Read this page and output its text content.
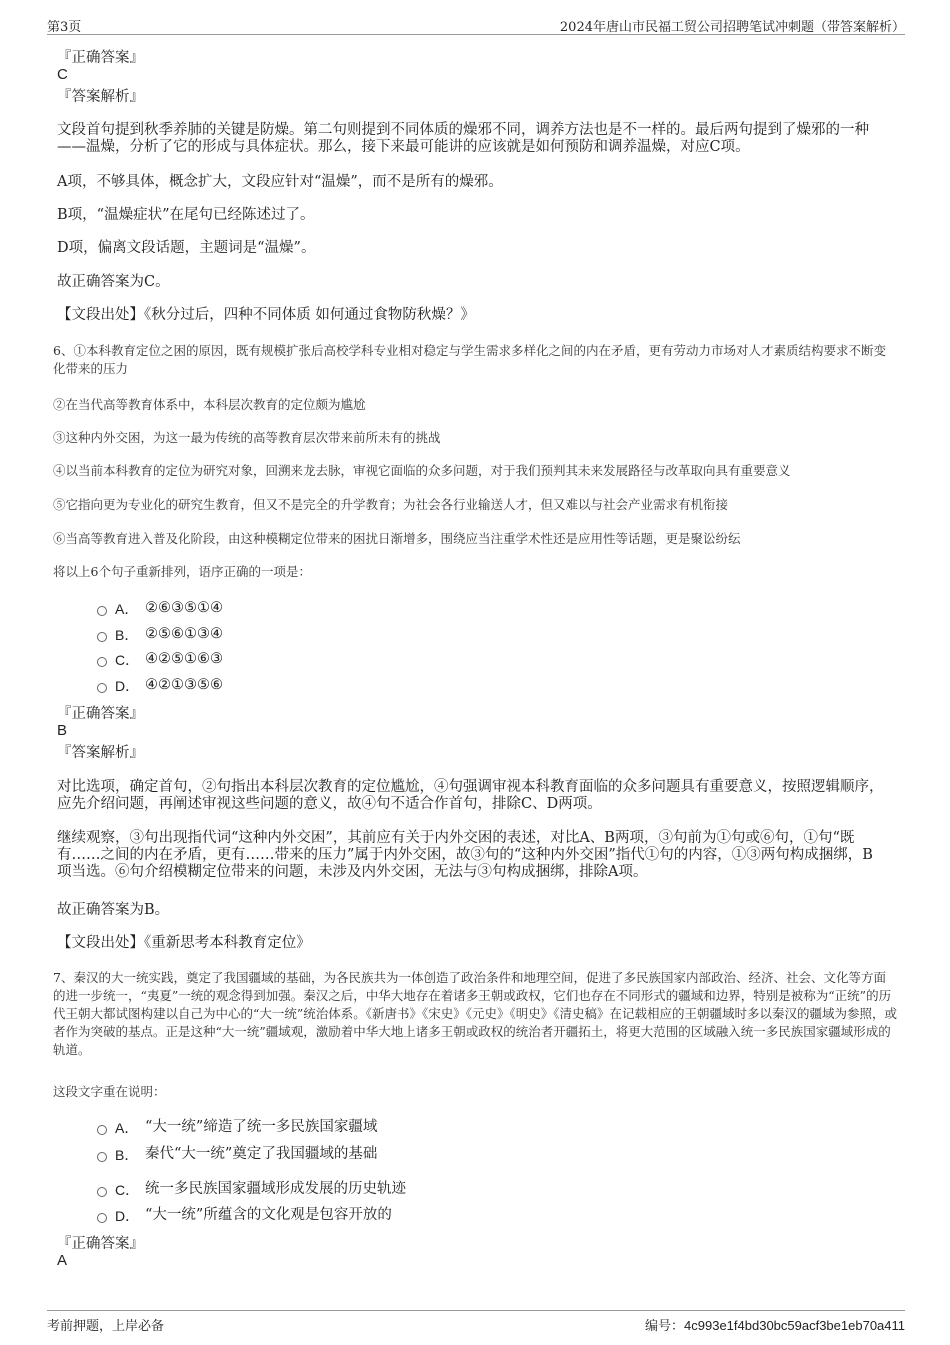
第3页	2024年唐山市民福工贸公司招聘笔试冲刺题（带答案解析）
『正确答案』
C
『答案解析』
文段首句提到秋季养肺的关键是防燥。第二句则提到不同体质的燥邪不同，调养方法也是不一样的。最后两句提到了燥邪的一种——温燥，分析了它的形成与具体症状。那么，接下来最可能讲的应该就是如何预防和调养温燥，对应C项。
A项，不够具体，概念扩大，文段应针对“温燥”，而不是所有的燥邪。
B项，“温燥症状”在尾句已经陈述过了。
D项，偏离文段话题，主题词是“温燥”。
故正确答案为C。
【文段出处】《秋分过后，四种不同体质 如何通过食物防秋燥？》
6、①本科教育定位之困的原因，既有规模扩张后高校学科专业相对稳定与学生需求多样化之间的内在矛盾，更有劳动力市场对人才素质结构要求不断变化带来的压力
②在当代高等教育体系中，本科层次教育的定位颇为尴尬
③这种内外交困，为这一最为传统的高等教育层次带来前所未有的挑战
④以当前本科教育的定位为研究对象，回溯来龙去脉，审视它面临的众多问题，对于我们预判其未来发展路径与改革取向具有重要意义
⑤它指向更为专业化的研究生教育，但又不是完全的升学教育；为社会各行业输送人才，但又难以与社会产业需求有机衔接
⑥当高等教育进入普及化阶段，由这种模糊定位带来的困扰日渐增多，围绕应当注重学术性还是应用性等话题，更是聚讼纷纭
将以上6个句子重新排列，语序正确的一项是：
A． ②⑥③⑤①④
B． ②⑤⑥①③④
C． ④②⑤①⑥③
D． ④②①③⑤⑥
『正确答案』
B
『答案解析』
对比选项，确定首句，②句指出本科层次教育的定位尴尬，④句强调审视本科教育面临的众多问题具有重要意义，按照逻辑顺序，应先介绍问题，再阐述审视这些问题的意义，故④句不适合作首句，排除C、D两项。
继续观察，③句出现指代词“这种内外交困”，其前应有关于内外交困的表述，对比A、B两项，③句前为①句或⑥句，①句“既有……之间的内在矛盾，更有……带来的压力”属于内外交困，故③句的“这种内外交困”指代①句的内容，①③两句构成捆绑，B项当选。⑥句介绍模糊定位带来的问题，未涉及内外交困，无法与③句构成捆绑，排除A项。
故正确答案为B。
【文段出处】《重新思考本科教育定位》
7、秦汉的大一统实践，奠定了我国疆域的基础，为各民族共为一体创造了政治条件和地理空间，促进了多民族国家内部政治、经济、社会、文化等方面的进一步统一，“夷夏”一统的观念得到加强。秦汉之后，中华大地存在着诸多王朝或政权，它们也存在不同形式的疆域和边界，特别是被称为“正统”的历代王朝大都试图构建以自己为中心的“大一统”统治体系。《新唐书》《宋史》《元史》《明史》《清史稿》在记载相应的王朝疆域时多以秦汉的疆域为参照，或者作为突破的基点。正是这种“大一统”疆域观，激励着中华大地上诸多王朝或政权的统治者开疆拓土，将更大范围的区域融入统一多民族国家疆域形成的轨道。
这段文字重在说明：
A． “大一统”缔造了统一多民族国家疆域
B． 秦代“大一统”奠定了我国疆域的基础
C． 统一多民族国家疆域形成发展的历史轨迹
D． “大一统”所蕴含的文化观是包容开放的
『正确答案』
A
考前押题，上岸必备	编号：4c993e1f4bd30bc59acf3be1eb70a411
